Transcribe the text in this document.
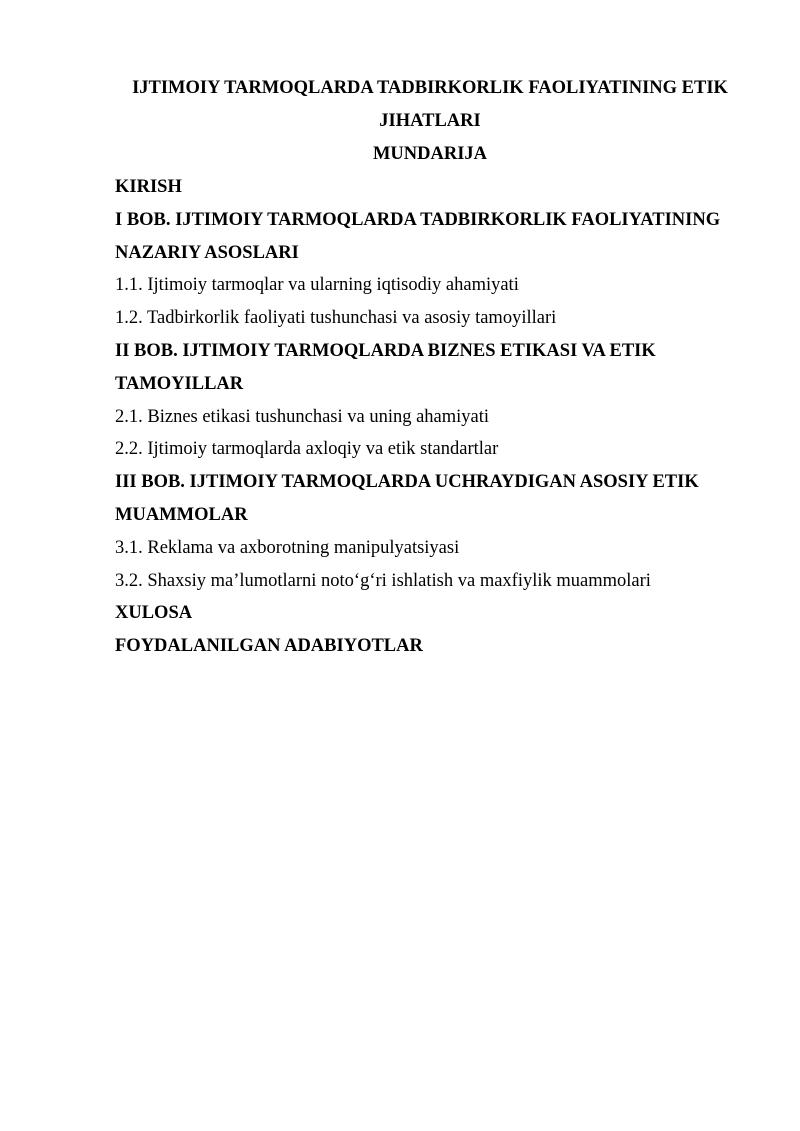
IJTIMOIY TARMOQLARDA TADBIRKORLIK FAOLIYATINING ETIK
JIHATLARI
MUNDARIJA
KIRISH
I BOB. IJTIMOIY TARMOQLARDA TADBIRKORLIK FAOLIYATINING
NAZARIY ASOSLARI
1.1. Ijtimoiy tarmoqlar va ularning iqtisodiy ahamiyati
1.2. Tadbirkorlik faoliyati tushunchasi va asosiy tamoyillari
II BOB. IJTIMOIY TARMOQLARDA BIZNES ETIKASI VA ETIK
TAMOYILLAR
2.1. Biznes etikasi tushunchasi va uning ahamiyati
2.2. Ijtimoiy tarmoqlarda axloqiy va etik standartlar
III BOB. IJTIMOIY TARMOQLARDA UCHRAYDIGAN ASOSIY ETIK
MUAMMOLAR
3.1. Reklama va axborotning manipulyatsiyasi
3.2. Shaxsiy ma’lumotlarni noto‘g‘ri ishlatish va maxfiylik muammolari
XULOSA
FOYDALANILGAN ADABIYOTLAR
